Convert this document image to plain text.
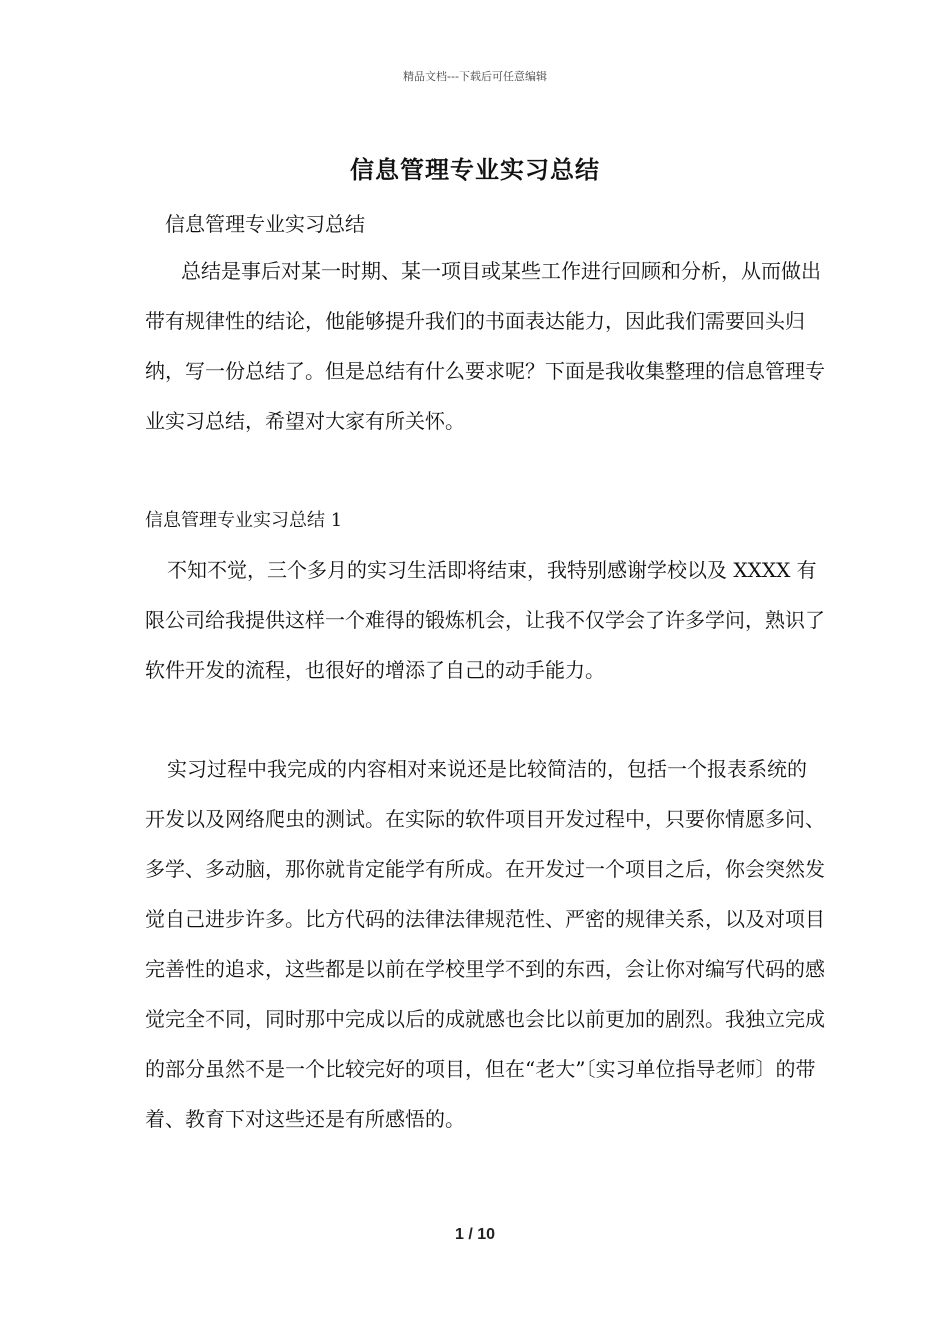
精品文档---下载后可任意编辑
信息管理专业实习总结
信息管理专业实习总结

总结是事后对某一时期、某一项目或某些工作进行回顾和分析，从而做出带有规律性的结论，他能够提升我们的书面表达能力，因此我们需要回头归纳，写一份总结了。但是总结有什么要求呢？下面是我收集整理的信息管理专业实习总结，希望对大家有所关怀。

信息管理专业实习总结 1

不知不觉，三个多月的实习生活即将结束，我特别感谢学校以及 XXXX 有限公司给我提供这样一个难得的锻炼机会，让我不仅学会了许多学问，熟识了软件开发的流程，也很好的增添了自己的动手能力。

实习过程中我完成的内容相对来说还是比较简洁的，包括一个报表系统的开发以及网络爬虫的测试。在实际的软件项目开发过程中，只要你情愿多问、多学、多动脑，那你就肯定能学有所成。在开发过一个项目之后，你会突然发觉自己进步许多。比方代码的法律法律规范性、严密的规律关系，以及对项目完善性的追求，这些都是以前在学校里学不到的东西，会让你对编写代码的感觉完全不同，同时那中完成以后的成就感也会比以前更加的剧烈。我独立完成的部分虽然不是一个比较完好的项目，但在“老大”〔实习单位指导老师〕的带着、教育下对这些还是有所感悟的。

1 / 10
